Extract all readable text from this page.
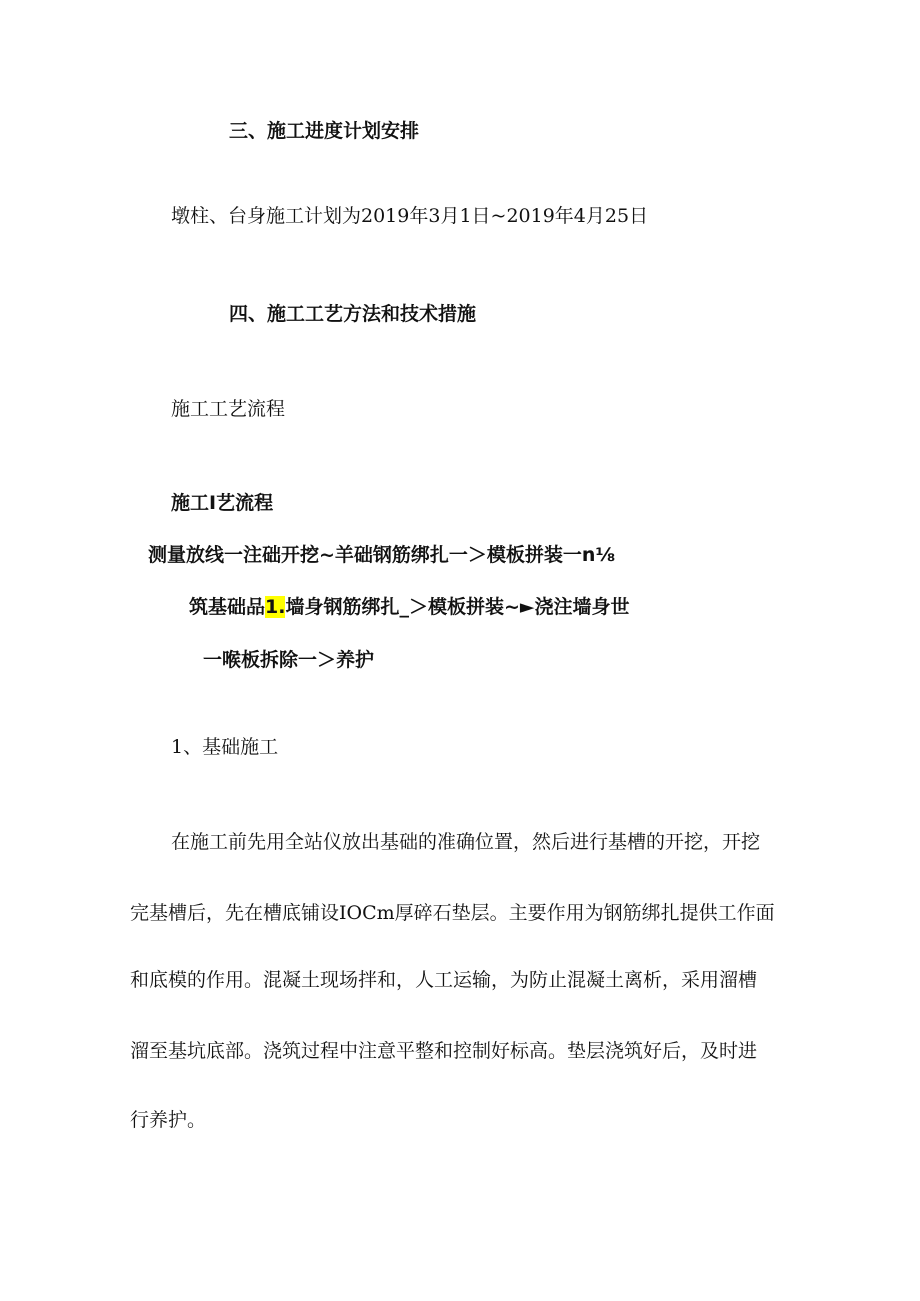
三、施工进度计划安排
墩柱、台身施工计划为2019年3月1日~2019年4月25日
四、施工工艺方法和技术措施
施工工艺流程
施工I艺流程
测量放线一注础开挖~羊础钢筋绑扎一＞模板拼装一n⅛
筑基础品1.墙身钢筋绑扎_＞模板拼装~►浇注墙身世
一喉板拆除一＞养护
1、基础施工
在施工前先用全站仪放出基础的准确位置，然后进行基槽的开挖，开挖
完基槽后，先在槽底铺设IOCm厚碎石垫层。主要作用为钢筋绑扎提供工作面
和底模的作用。混凝土现场拌和，人工运输，为防止混凝土离析，采用溜槽
溜至基坑底部。浇筑过程中注意平整和控制好标高。垫层浇筑好后，及时进
行养护。
